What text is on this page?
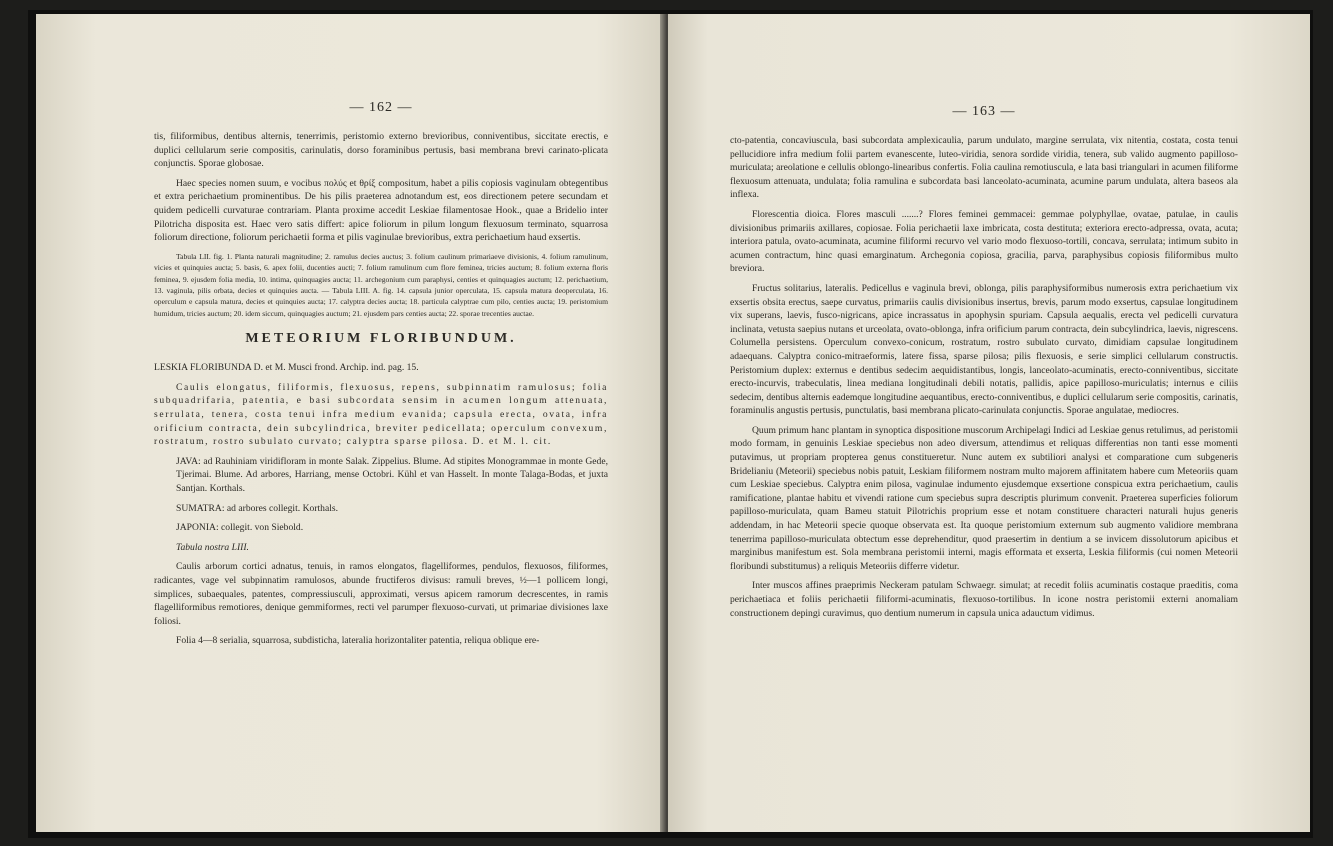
— 162 —

tis, filiformibus, dentibus alternis, tenerrimis, peristomio externo brevioribus, conniventibus, siccitate erectis, e duplici cellularum serie compositis, carinulatis, dorso foraminibus pertusis, basi membrana brevi carinato-plicata conjunctis. Sporae globosae.

Haec species nomen suum, e vocibus πολύς et θρίξ compositum, habet a pilis copiosis vaginulam obtegentibus et extra perichaetium prominentibus. De his pilis praeterea adnotandum est, eos directionem petere secundam et quidem pedicelli curvaturae contrariam. Planta proxime accedit Leskiae filamentosae Hook., quae a Bridelio inter Pilotricha disposita est. Haec vero satis differt: apice foliorum in pilum longum flexuosum terminato, squarrosa foliorum directione, foliorum perichaetii forma et pilis vaginulae brevioribus, extra perichaetium haud exsertis.

Tabula LII. fig. 1. Planta naturali magnitudine; 2. ramulus decies auctus; 3. folium caulinum primariaeve divisionis, 4. folium ramulinum, vicies et quinquies aucta; 5. basis, 6. apex folii, ducenties aucti; 7. folium ramulinum cum flore feminea, tricies auctum; 8. folium externa floris feminea, 9. ejusdem folia media, 10. intima, quinquagies aucta; 11. archegonium cum paraphysi, centies et quinquagies auctum; 12. perichaetium, 13. vaginula, pilis orbata, decies et quinquies aucta. — Tabula LIII. A. fig. 14. capsula junior operculata, 15. capsula matura deoperculata, 16. operculum e capsula matura, decies et quinquies aucta; 17. calyptra decies aucta; 18. particula calyptrae cum pilo, centies aucta; 19. peristomium humidum, tricies auctum; 20. idem siccum, quinquagies auctum; 21. ejusdem pars centies aucta; 22. sporae trecenties auctae.

METEORIUM FLORIBUNDUM.

LESKIA FLORIBUNDA D. et M. Musci frond. Archip. ind. pag. 15.

Caulis elongatus, filiformis, flexuosus, repens, subpinnatim ramulosus; folia subquadrifaria, patentia, e basi subcordata sensim in acumen longum attenuata, serrulata, tenera, costa tenui infra medium evanida; capsula erecta, ovata, infra orificium contracta, dein subcylindrica, breviter pedicellata; operculum convexum, rostratum, rostro subulato curvato; calyptra sparse pilosa. D. et M. l. cit.

JAVA: ad Rauhiniam viridifloram in monte Salak. Zippelius. Blume. Ad stipites Monogrammae in monte Gede, Tjerimai. Blume. Ad arbores, Harriang, mense Octobri. Kühl et van Hasselt. In monte Talaga-Bodas, et juxta Santjan. Korthals.

SUMATRA: ad arbores collegit. Korthals.

JAPONIA: collegit. von Siebold.

Tabula nostra LIII.

Caulis arborum cortici adnatus, tenuis, in ramos elongatos, flagelliformes, pendulos, flexuosos, filiformes, radicantes, vage vel subpinnatim ramulosos, abunde fructiferos divisus: ramuli breves, ½—1 pollicem longi, simplices, subaequales, patentes, compressiusculi, approximati, versus apicem ramorum decrescentes, in ramis flagelliformibus remotiores, denique gemmiformes, recti vel parumper flexuoso-curvati, ut primariae divisiones laxe foliosi.

Folia 4—8 serialia, squarrosa, subdisticha, lateralia horizontaliter patentia, reliqua oblique ere-

— 163 —

cto-patentia, concaviuscula, basi subcordata amplexicaulia, parum undulato, margine serrulata, vix nitentia, costata, costa tenui pellucidiore infra medium folii partem evanescente, luteo-viridia, senora sordide viridia, tenera, sub valido augmento papilloso-muriculata; areolatione e cellulis oblongo-linearibus confertis. Folia caulina remotiuscula, e lata basi triangulari in acumen filiforme flexuosum attenuata, undulata; folia ramulina e subcordata basi lanceolato-acuminata, acumine parum undulata, altera baseos ala inflexa.

Florescentia dioica. Flores masculi .......? Flores feminei gemmacei: gemmae polyphyllae, ovatae, patulae, in caulis divisionibus primariis axillares, copiosae. Folia perichaetii laxe imbricata, costa destituta; exteriora erecto-adpressa, ovata, acuta; interiora patula, ovato-acuminata, acumine filiformi recurvo vel vario modo flexuoso-tortili, concava, serrulata; intimum subito in acumen contractum, hinc quasi emarginatum. Archegonia copiosa, gracilia, parva, paraphysibus copiosis filiformibus multo breviora.

Fructus solitarius, lateralis. Pedicellus e vaginula brevi, oblonga, pilis paraphysiformibus numerosis extra perichaetium vix exsertis obsita erectus, saepe curvatus, primariis caulis divisionibus insertus, brevis, parum modo exsertus, capsulae longitudinem vix superans, laevis, fusco-nigricans, apice incrassatus in apophysin spuriam. Capsula aequalis, erecta vel pedicelli curvatura inclinata, vetusta saepius nutans et urceolata, ovato-oblonga, infra orificium parum contracta, dein subcylindrica, laevis, nigrescens. Columella persistens. Operculum convexo-conicum, rostratum, rostro subulato curvato, dimidiam capsulae longitudinem adaequans. Calyptra conico-mitraeformis, latere fissa, sparse pilosa; pilis flexuosis, e serie simplici cellularum constructis. Peristomium duplex: externus e dentibus sedecim aequidistantibus, longis, lanceolato-acuminatis, erecto-conniventibus, siccitate erecto-incurvis, trabeculatis, linea mediana longitudinali debili notatis, pallidis, apice papilloso-muriculatis; internus e ciliis sedecim, dentibus alternis eademque longitudine aequantibus, erecto-conniventibus, e duplici cellularum serie compositis, carinatis, foraminulis angustis pertusis, punctulatis, basi membrana plicato-carinulata conjunctis. Sporae angulatae, mediocres.

Quum primum hanc plantam in synoptica dispositione muscorum Archipelagi Indici ad Leskiae genus retulimus, ad peristomii modo formam, in genuinis Leskiae speciebus non adeo diversum, attendimus et reliquas differentias non tanti esse momenti putavimus, ut propriam propterea genus constitueretur. Nunc autem ex subtiliori analysi et comparatione cum subgeneris Bridelianiu (Meteorii) speciebus nobis patuit, Leskiam filiformem nostram multo majorem affinitatem habere cum Meteoriis quam cum Leskiae speciebus. Calyptra enim pilosa, vaginulae indumento ejusdemque exsertione conspicua extra perichaetium, caulis ramificatione, plantae habitu et vivendi ratione cum speciebus supra descriptis plurimum convenit. Praeterea superficies foliorum papilloso-muriculata, quam Bameu statuit Pilotrichis proprium esse et notam constituere characteri naturali hujus generis addendam, in hac Meteorii specie quoque observata est. Ita quoque peristomium externum sub augmento validiore membrana tenerrima papilloso-muriculata obtectum esse deprehenditur, quod praesertim in dentium a se invicem dissolutorum apicibus et marginibus manifestum est. Sola membrana peristomii interni, magis efformata et exserta, Leskia filiformis (cui nomen Meteorii floribundi substitumus) a reliquis Meteoriis differre videtur.

Inter muscos affines praeprimis Neckeram patulam Schwaegr. simulat; at recedit foliis acuminatis costaque praeditis, coma perichaetiaca et foliis perichaetii filiformi-acuminatis, flexuoso-tortilibus. In icone nostra peristomii externi anomaliam constructionem depingi curavimus, quo dentium numerum in capsula unica adauctum vidimus.
